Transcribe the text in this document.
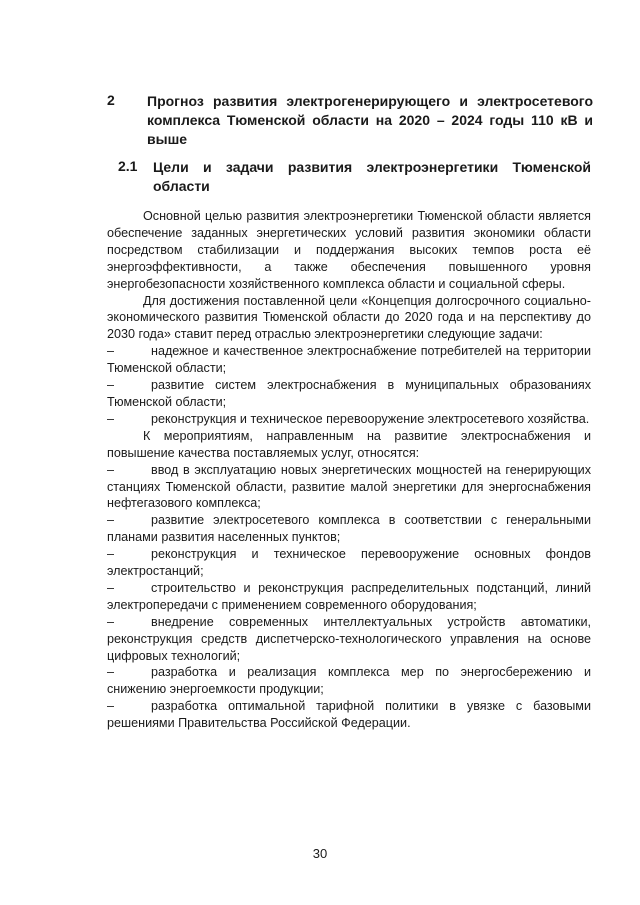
2 Прогноз развития электрогенерирующего и электросетевого комплекса Тюменской области на 2020 – 2024 годы 110 кВ и выше
2.1 Цели и задачи развития электроэнергетики Тюменской области

Основной целью развития электроэнергетики Тюменской области является обеспечение заданных энергетических условий развития экономики области посредством стабилизации и поддержания высоких темпов роста её энергоэффективности, а также обеспечения повышенного уровня энергобезопасности хозяйственного комплекса области и социальной сферы.

Для достижения поставленной цели «Концепция долгосрочного социально-экономического развития Тюменской области до 2020 года и на перспективу до 2030 года» ставит перед отраслью электроэнергетики следующие задачи:

–	надежное и качественное электроснабжение потребителей на территории Тюменской области;

–	развитие систем электроснабжения в муниципальных образованиях Тюменской области;

–	реконструкция и техническое перевооружение электросетевого хозяйства.

К мероприятиям, направленным на развитие электроснабжения и повышение качества поставляемых услуг, относятся:

–	ввод в эксплуатацию новых энергетических мощностей на генерирующих станциях Тюменской области, развитие малой энергетики для энергоснабжения нефтегазового комплекса;

–	развитие электросетевого комплекса в соответствии с генеральными планами развития населенных пунктов;

–	реконструкция и техническое перевооружение основных фондов электростанций;

–	строительство и реконструкция распределительных подстанций, линий электропередачи с применением современного оборудования;

–	внедрение современных интеллектуальных устройств автоматики, реконструкция средств диспетчерско-технологического управления на основе цифровых технологий;

–	разработка и реализация комплекса мер по энергосбережению и снижению энергоемкости продукции;

–	разработка оптимальной тарифной политики в увязке с базовыми решениями Правительства Российской Федерации.

30
